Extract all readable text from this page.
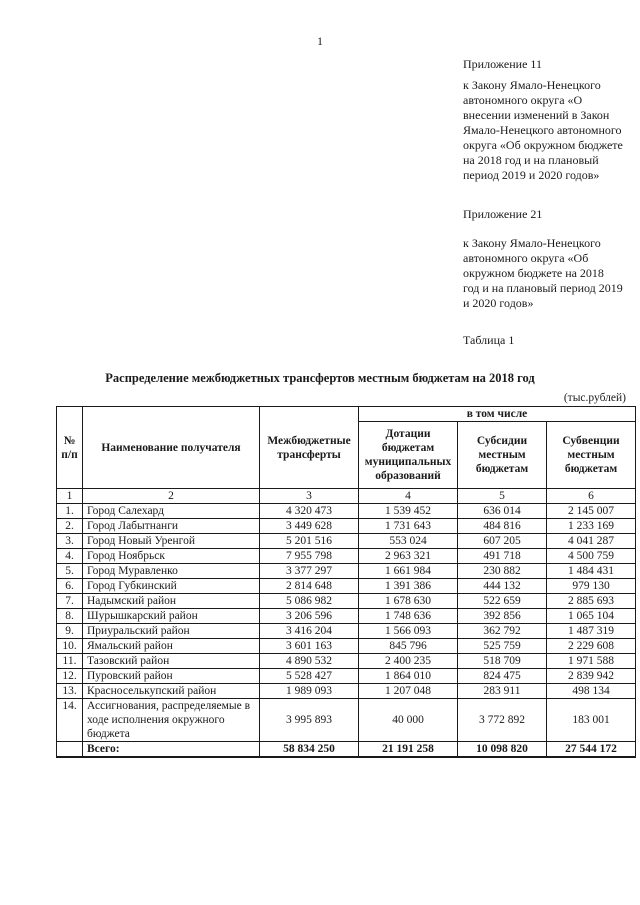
1
Приложение 11
к Закону Ямало-Ненецкого автономного округа «О внесении изменений в Закон Ямало-Ненецкого автономного округа «Об окружном бюджете на 2018 год и на плановый период 2019 и 2020 годов»
Приложение 21
к Закону Ямало-Ненецкого автономного округа «Об окружном бюджете на 2018 год и на плановый период 2019 и 2020 годов»
Таблица 1
Распределение межбюджетных трансфертов местным бюджетам на 2018 год
(тыс.рублей)
№ п/п	Наименование получателя	Межбюджетные трансферты	в том числе		
			Дотации бюджетам муниципальных образований	Субсидии местным бюджетам	Субвенции местным бюджетам
1	2	3	4	5	6
1.	Город Салехард	4 320 473	1 539 452	636 014	2 145 007
2.	Город Лабытнанги	3 449 628	1 731 643	484 816	1 233 169
3.	Город Новый Уренгой	5 201 516	553 024	607 205	4 041 287
4.	Город Ноябрьск	7 955 798	2 963 321	491 718	4 500 759
5.	Город Муравленко	3 377 297	1 661 984	230 882	1 484 431
6.	Город Губкинский	2 814 648	1 391 386	444 132	979 130
7.	Надымский район	5 086 982	1 678 630	522 659	2 885 693
8.	Шурышкарский район	3 206 596	1 748 636	392 856	1 065 104
9.	Приуральский район	3 416 204	1 566 093	362 792	1 487 319
10.	Ямальский район	3 601 163	845 796	525 759	2 229 608
11.	Тазовский район	4 890 532	2 400 235	518 709	1 971 588
12.	Пуровский район	5 528 427	1 864 010	824 475	2 839 942
13.	Красноселькупский район	1 989 093	1 207 048	283 911	498 134
14.	Ассигнования, распределяемые в ходе исполнения окружного бюджета	3 995 893	40 000	3 772 892	183 001
	Всего:	58 834 250	21 191 258	10 098 820	27 544 172
